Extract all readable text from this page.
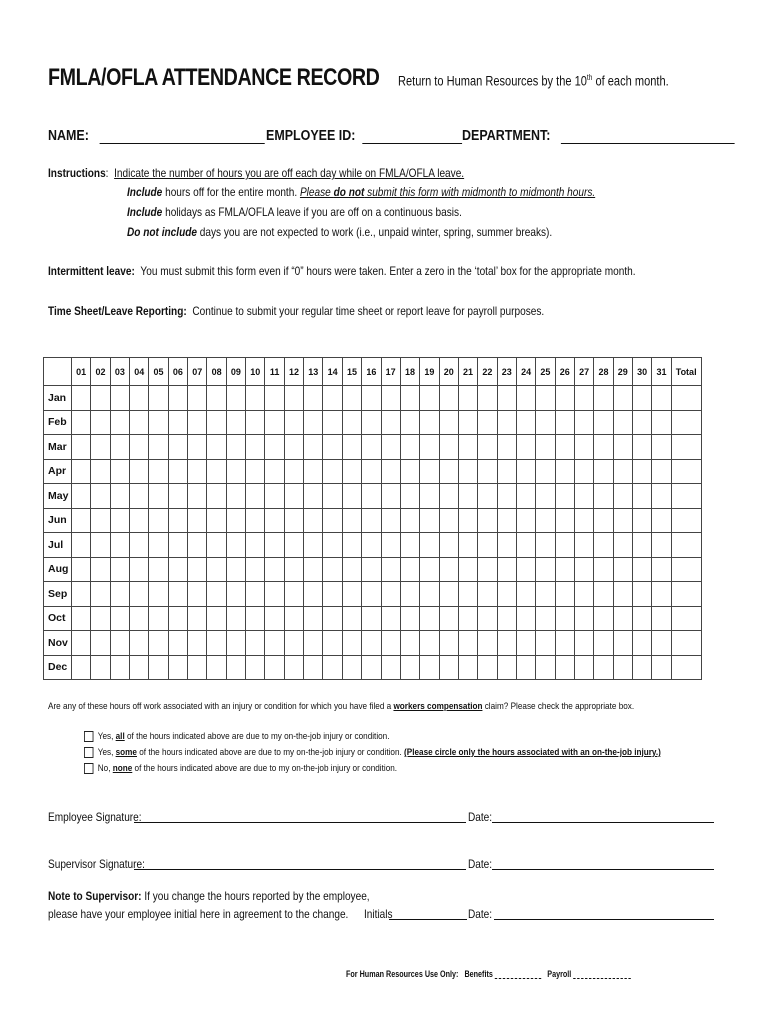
FMLA/OFLA ATTENDANCE RECORD Return to Human Resources by the 10th of each month.
NAME:	EMPLOYEE ID:	DEPARTMENT:
Instructions:  Indicate the number of hours you are off each day while on FMLA/OFLA leave.
Include hours off for the entire month. Please do not submit this form with midmonth to midmonth hours.
Include holidays as FMLA/OFLA leave if you are off on a continuous basis.
Do not include days you are not expected to work (i.e., unpaid winter, spring, summer breaks).
Intermittent leave: You must submit this form even if “0” hours were taken. Enter a zero in the ‘total’ box for the appropriate month.
Time Sheet/Leave Reporting: Continue to submit your regular time sheet or report leave for payroll purposes.
	01	02	03	04	05	06	07	08	09	10	11	12	13	14	15	16	17	18	19	20	21	22	23	24	25	26	27	28	29	30	31	Total
Jan																																
Feb																																
Mar																																
Apr																																
May																																
Jun																																
Jul																																
Aug																																
Sep																																
Oct																																
Nov																																
Dec																																
Are any of these hours off work associated with an injury or condition for which you have filed a workers compensation claim? Please check the appropriate box.
Yes, all of the hours indicated above are due to my on-the-job injury or condition.
Yes, some of the hours indicated above are due to my on-the-job injury or condition. (Please circle only the hours associated with an on-the-job injury.)
No, none of the hours indicated above are due to my on-the-job injury or condition.
Employee Signature:	Date:
Supervisor Signature:	Date:
Note to Supervisor: If you change the hours reported by the employee,
please have your employee initial here in agreement to the change. Initials	Date:
For Human Resources Use Only: Benefits	Payroll
